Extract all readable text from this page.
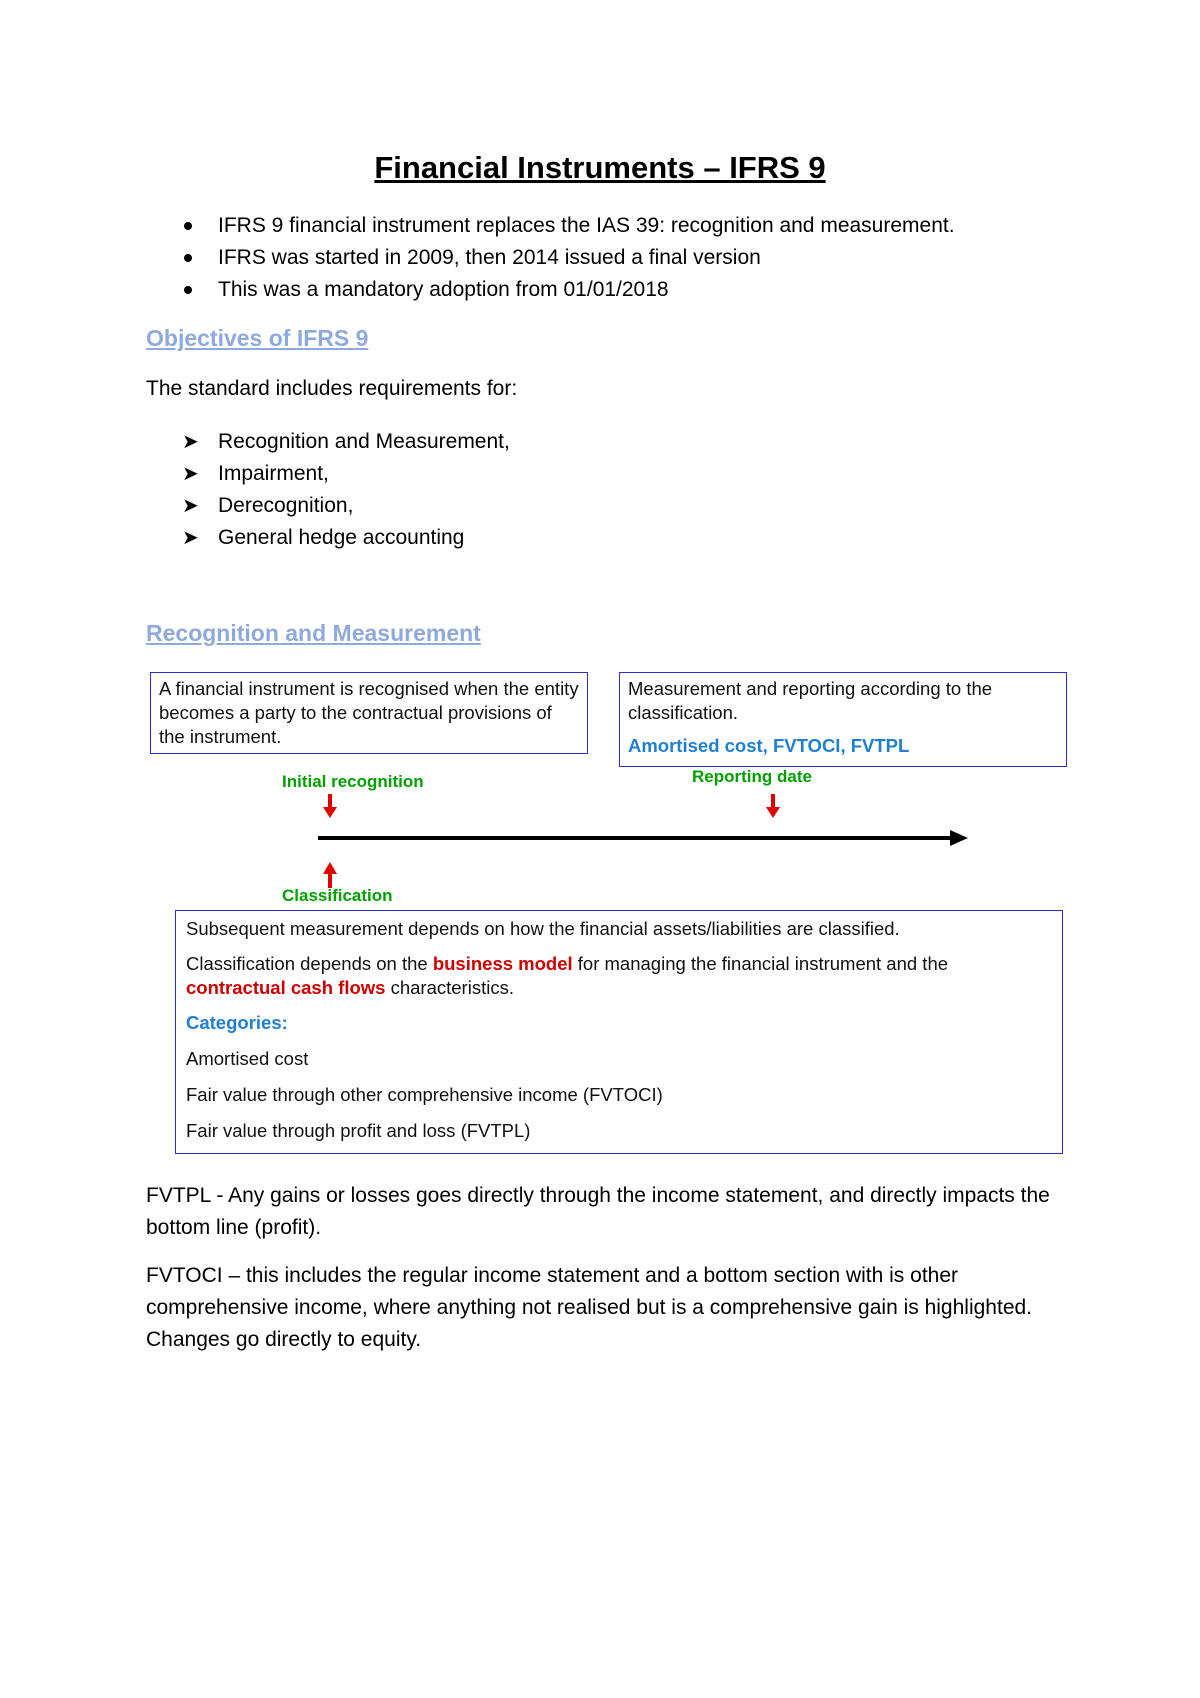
Financial Instruments – IFRS 9
IFRS 9 financial instrument replaces the IAS 39: recognition and measurement.
IFRS was started in 2009, then 2014 issued a final version
This was a mandatory adoption from 01/01/2018
Objectives of IFRS 9
The standard includes requirements for:
➤ Recognition and Measurement,
➤ Impairment,
➤ Derecognition,
➤ General hedge accounting
Recognition and Measurement

A financial instrument is recognised when the entity becomes a party to the contractual provisions of the instrument.

Measurement and reporting according to the classification.

Amortised cost, FVTOCI, FVTPL

Initial recognition	Reporting date
Classification

Subsequent measurement depends on how the financial assets/liabilities are classified.

Classification depends on the business model for managing the financial instrument and the contractual cash flows characteristics.

Categories:

Amortised cost

Fair value through other comprehensive income (FVTOCI)

Fair value through profit and loss (FVTPL)

FVTPL - Any gains or losses goes directly through the income statement, and directly impacts the bottom line (profit).
FVTOCI – this includes the regular income statement and a bottom section with is other comprehensive income, where anything not realised but is a comprehensive gain is highlighted. Changes go directly to equity.
